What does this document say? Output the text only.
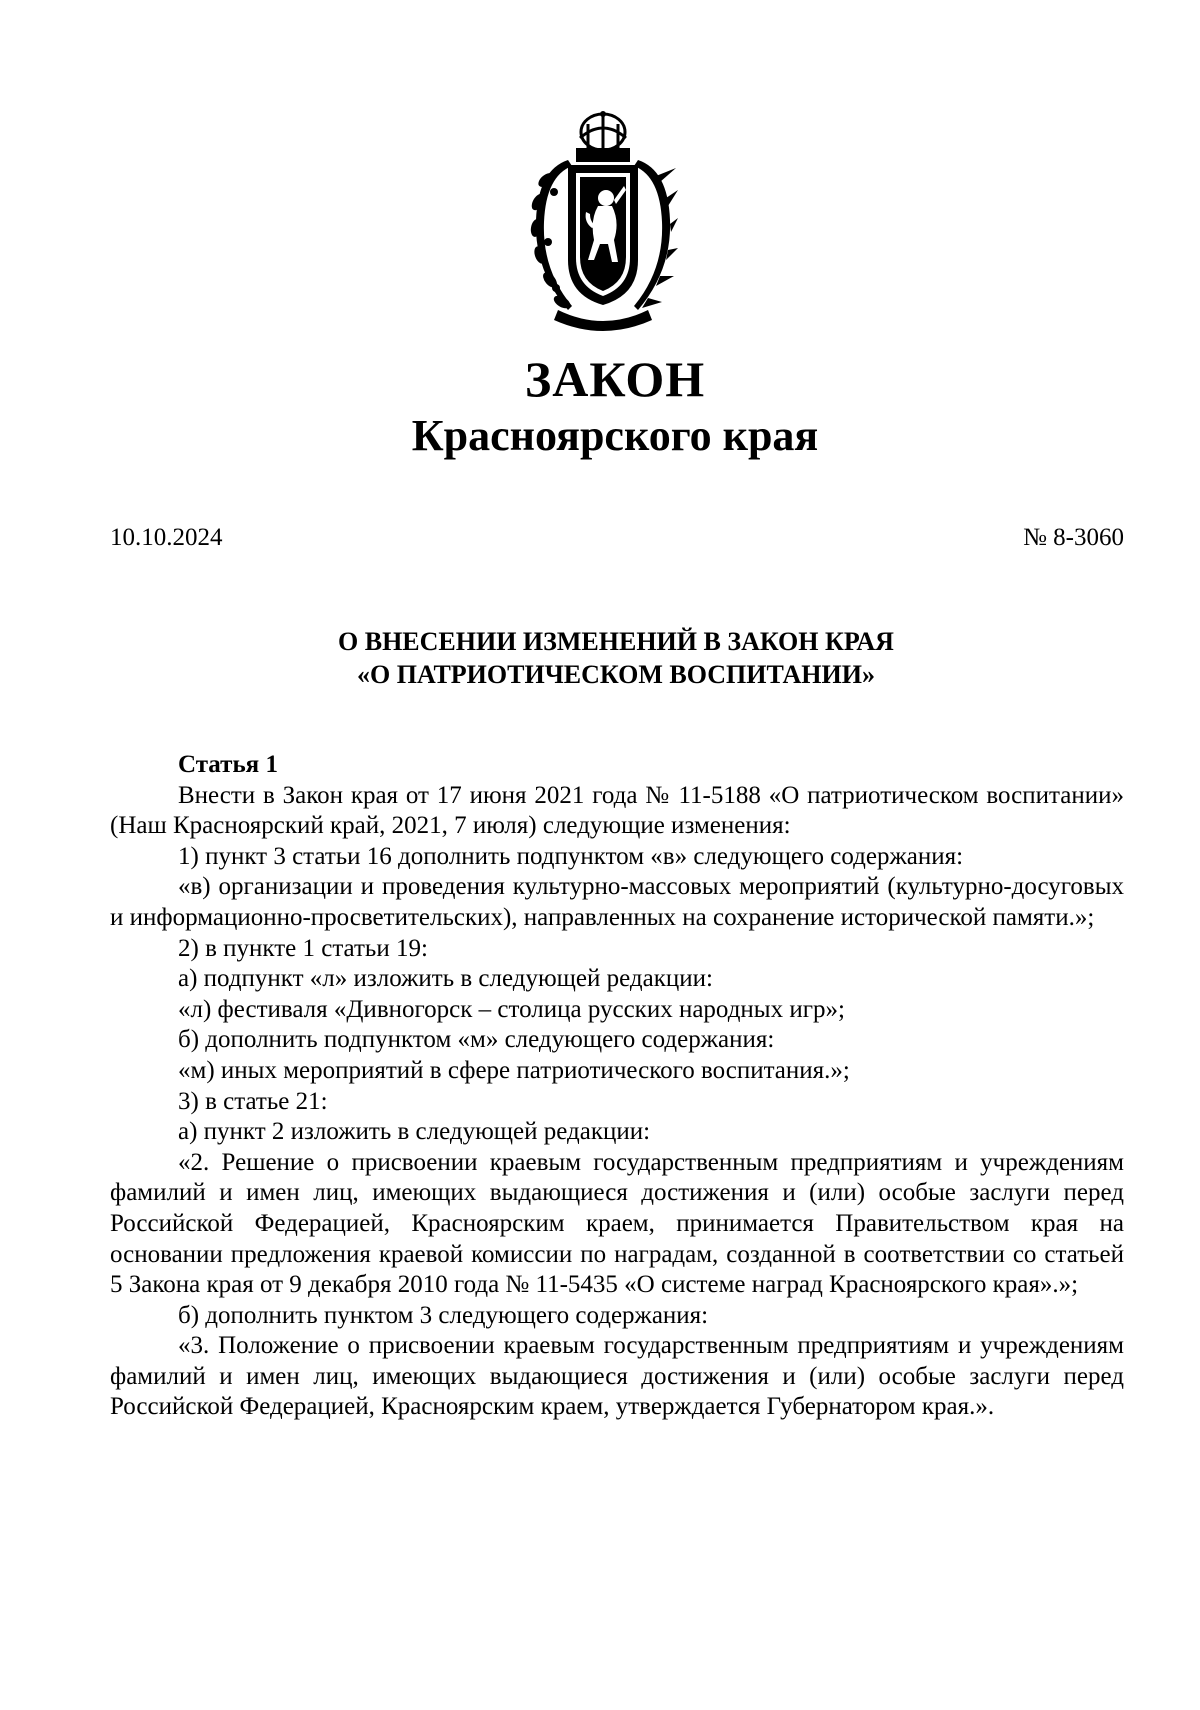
ЗАКОН
Красноярского края
10.10.2024	№ 8-3060
О ВНЕСЕНИИ ИЗМЕНЕНИЙ В ЗАКОН КРАЯ
«О ПАТРИОТИЧЕСКОМ ВОСПИТАНИИ»

Статья 1

Внести в Закон края от 17 июня 2021 года № 11-5188 «О патриотическом воспитании» (Наш Красноярский край, 2021, 7 июля) следующие изменения:

1) пункт 3 статьи 16 дополнить подпунктом «в» следующего содержания:

«в) организации и проведения культурно-массовых мероприятий (культурно-досуговых и информационно-просветительских), направленных на сохранение исторической памяти.»;

2) в пункте 1 статьи 19:

а) подпункт «л» изложить в следующей редакции:

«л) фестиваля «Дивногорск – столица русских народных игр»;

б) дополнить подпунктом «м» следующего содержания:

«м) иных мероприятий в сфере патриотического воспитания.»;

3) в статье 21:

а) пункт 2 изложить в следующей редакции:

«2. Решение о присвоении краевым государственным предприятиям и учреждениям фамилий и имен лиц, имеющих выдающиеся достижения и (или) особые заслуги перед Российской Федерацией, Красноярским краем, принимается Правительством края на основании предложения краевой комиссии по наградам, созданной в соответствии со статьей 5 Закона края от 9 декабря 2010 года № 11-5435 «О системе наград Красноярского края».»;

б) дополнить пунктом 3 следующего содержания:

«3. Положение о присвоении краевым государственным предприятиям и учреждениям фамилий и имен лиц, имеющих выдающиеся достижения и (или) особые заслуги перед Российской Федерацией, Красноярским краем, утверждается Губернатором края.».
